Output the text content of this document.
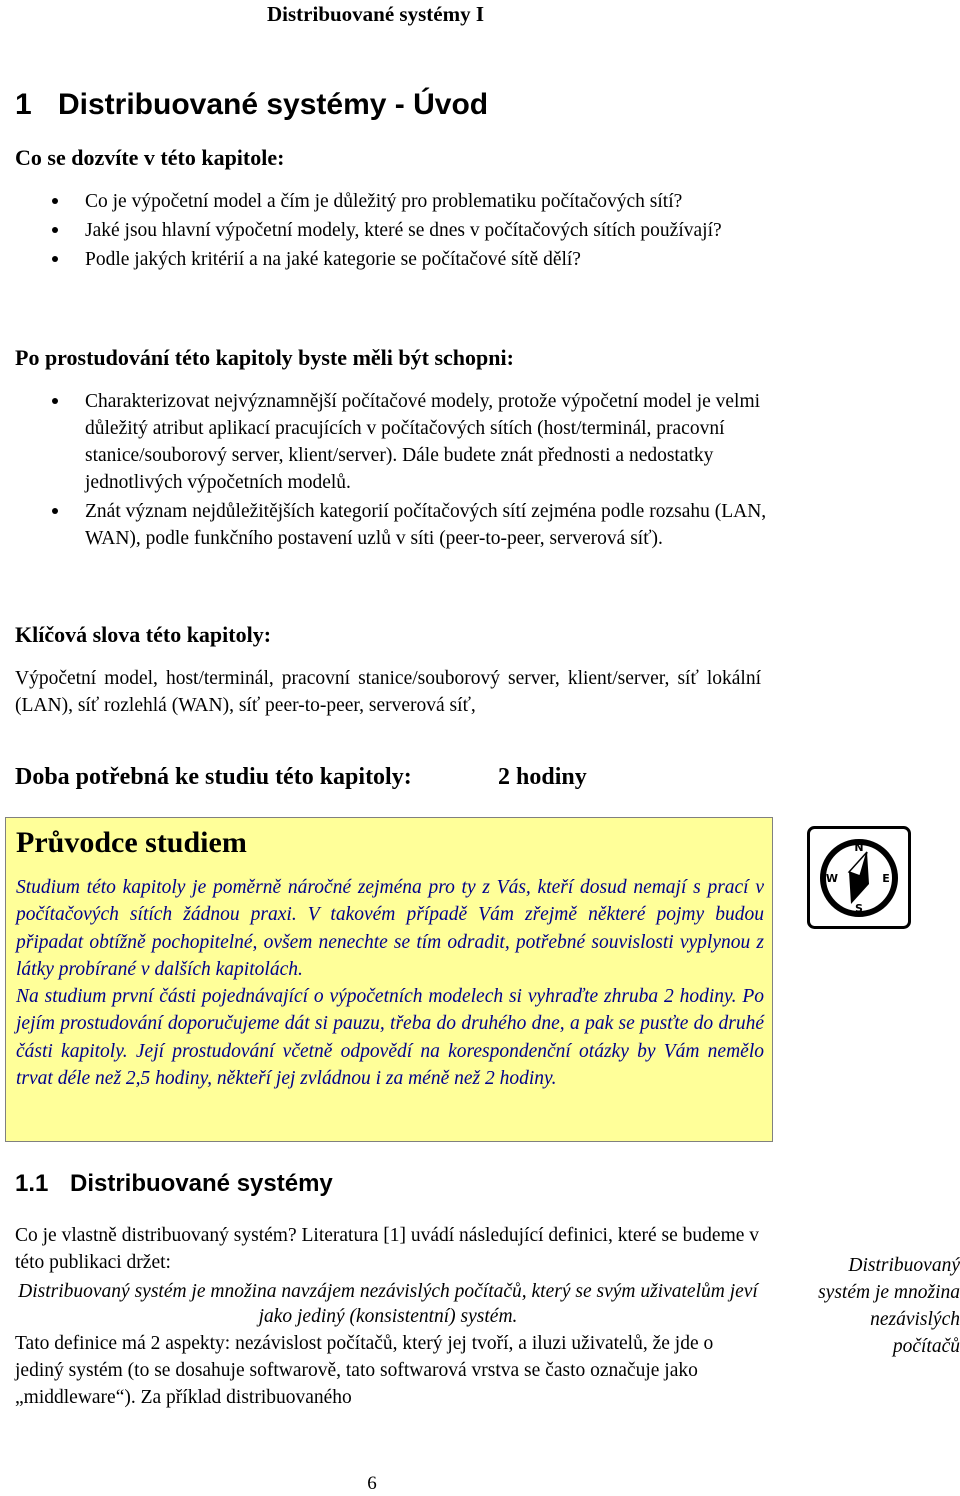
Distribuované systémy I
1 Distribuované systémy - Úvod
Co se dozvíte v této kapitole:
Co je výpočetní model a čím je důležitý pro problematiku počítačových sítí?
Jaké jsou hlavní výpočetní modely, které se dnes v počítačových sítích používají?
Podle jakých kritérií a na jaké kategorie se počítačové sítě dělí?
Po prostudování této kapitoly byste měli být schopni:
Charakterizovat nejvýznamnější počítačové modely, protože výpočetní model je velmi důležitý atribut aplikací pracujících v počítačových sítích (host/terminál, pracovní stanice/souborový server, klient/server). Dále budete znát přednosti a nedostatky jednotlivých výpočetních modelů.
Znát význam nejdůležitějších kategorií počítačových sítí zejména podle rozsahu (LAN, WAN), podle funkčního postavení uzlů v síti (peer-to-peer, serverová síť).
Klíčová slova této kapitoly:
Výpočetní model, host/terminál, pracovní stanice/souborový server, klient/server, síť lokální (LAN), síť rozlehlá (WAN), síť peer-to-peer, serverová síť,
Doba potřebná ke studiu této kapitoly:	2 hodiny
Průvodce studiem

Studium této kapitoly je poměrně náročné zejména pro ty z Vás, kteří dosud nemají s prací v počítačových sítích žádnou praxi. V takovém případě Vám zřejmě některé pojmy budou připadat obtížně pochopitelné, ovšem nenechte se tím odradit, potřebné souvislosti vyplynou z látky probírané v dalších kapitolách.

Na studium první části pojednávající o výpočetních modelech si vyhraďte zhruba 2 hodiny. Po jejím prostudování doporučujeme dát si pauzu, třeba do druhého dne, a pak se pusťte do druhé části kapitoly. Její prostudování včetně odpovědí na korespondenční otázky by Vám nemělo trvat déle než 2,5 hodiny, někteří jej zvládnou i za méně než 2 hodiny.

N
W	E
S
1.1 Distribuované systémy
Co je vlastně distribuovaný systém? Literatura [1] uvádí následující definici, které se budeme v této publikaci držet:
Distribuovaný systém je množina navzájem nezávislých počítačů, který se svým uživatelům jeví jako jediný (konsistentní) systém.
Tato definice má 2 aspekty: nezávislost počítačů, který jej tvoří, a iluzi uživatelů, že jde o jediný systém (to se dosahuje softwarově, tato softwarová vrstva se často označuje jako „middleware“). Za příklad distribuovaného
Distribuovaný systém je množina nezávislých počítačů
6
